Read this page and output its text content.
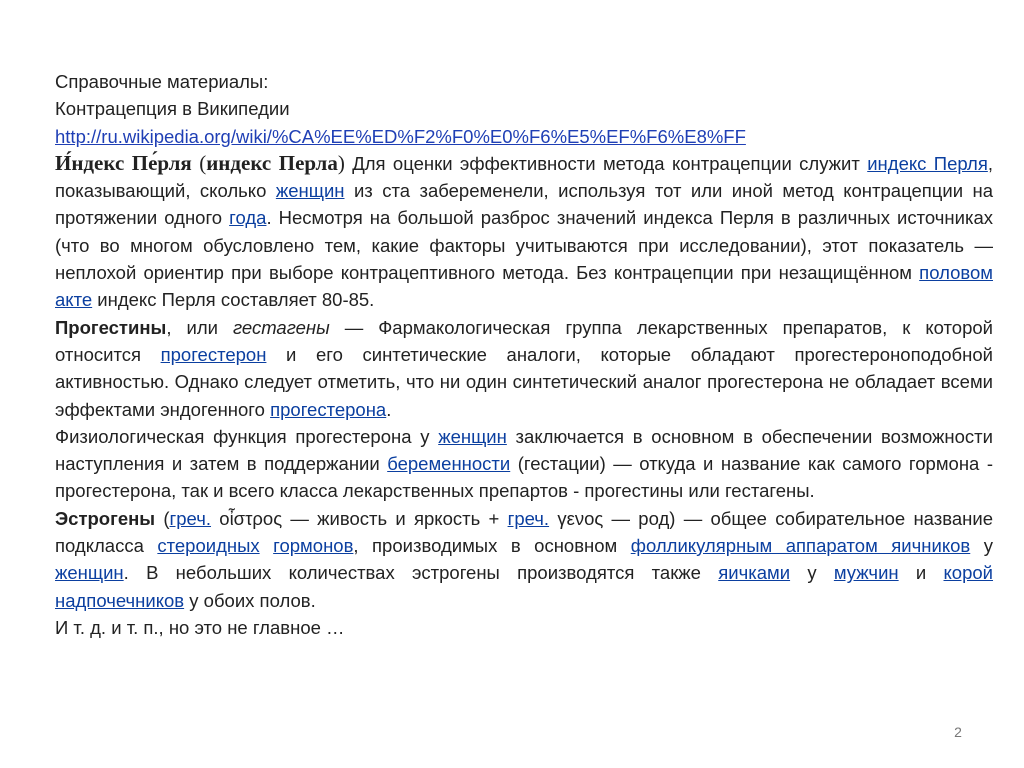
Справочные материалы:

Контрацепция в Википедии

http://ru.wikipedia.org/wiki/%CA%EE%ED%F2%F0%E0%F6%E5%EF%F6%E8%FF

И́ндекс Пе́рля (индекс Перла) Для оценки эффективности метода контрацепции служит индекс Перля, показывающий, сколько женщин из ста забеременели, используя тот или иной метод контрацепции на протяжении одного года. Несмотря на большой разброс значений индекса Перля в различных источниках (что во многом обусловлено тем, какие факторы учитываются при исследовании), этот показатель — неплохой ориентир при выборе контрацептивного метода. Без контрацепции при незащищённом половом акте индекс Перля составляет 80-85.

Прогестины, или гестагены — Фармакологическая группа лекарственных препаратов, к которой относится прогестерон и его синтетические аналоги, которые обладают прогестероноподобной активностью. Однако следует отметить, что ни один синтетический аналог прогестерона не обладает всеми эффектами эндогенного прогестерона.

Физиологическая функция прогестерона у женщин заключается в основном в обеспечении возможности наступления и затем в поддержании беременности (гестации) — откуда и название как самого гормона - прогестерона, так и всего класса лекарственных препартов - прогестины или гестагены.

Эстрогены (греч. οἶστρος — живость и яркость + греч. γενος — род) — общее собирательное название подкласса стероидных гормонов, производимых в основном фолликулярным аппаратом яичников у женщин. В небольших количествах эстрогены производятся также яичками у мужчин и корой надпочечников у обоих полов.

И т. д. и т. п., но это не главное …

2
